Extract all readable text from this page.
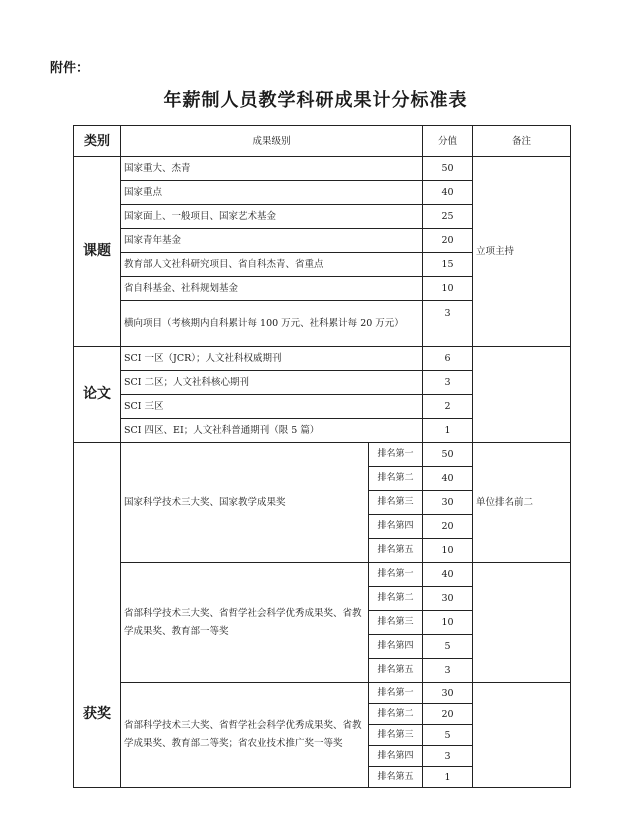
附件：
年薪制人员教学科研成果计分标准表
类别	成果级别		分值	备注
课题	国家重大、杰青		50	立项主持
	国家重点		40	
	国家面上、一般项目、国家艺术基金		25	
	国家青年基金		20	
	教育部人文社科研究项目、省自科杰青、省重点		15	
	省自科基金、社科规划基金		10	
	横向项目（考核期内自科累计每 100 万元、社科累计每 20 万元）		3	
论文	SCI 一区（JCR）；人文社科权威期刊		6	
	SCI 二区；人文社科核心期刊		3	
	SCI 三区		2	
	SCI 四区、EI；人文社科普通期刊（限 5 篇）		1	
获奖	国家科学技术三大奖、国家教学成果奖	排名第一	50	单位排名前二
		排名第二	40	
		排名第三	30	
		排名第四	20	
		排名第五	10	
	省部科学技术三大奖、省哲学社会科学优秀成果奖、省教学成果奖、教育部一等奖	排名第一	40	
		排名第二	30	
		排名第三	10	
		排名第四	5	
		排名第五	3	
	省部科学技术三大奖、省哲学社会科学优秀成果奖、省教学成果奖、教育部二等奖；省农业技术推广奖一等奖	排名第一	30	
		排名第二	20	
		排名第三	5	
		排名第四	3	
		排名第五	1	
